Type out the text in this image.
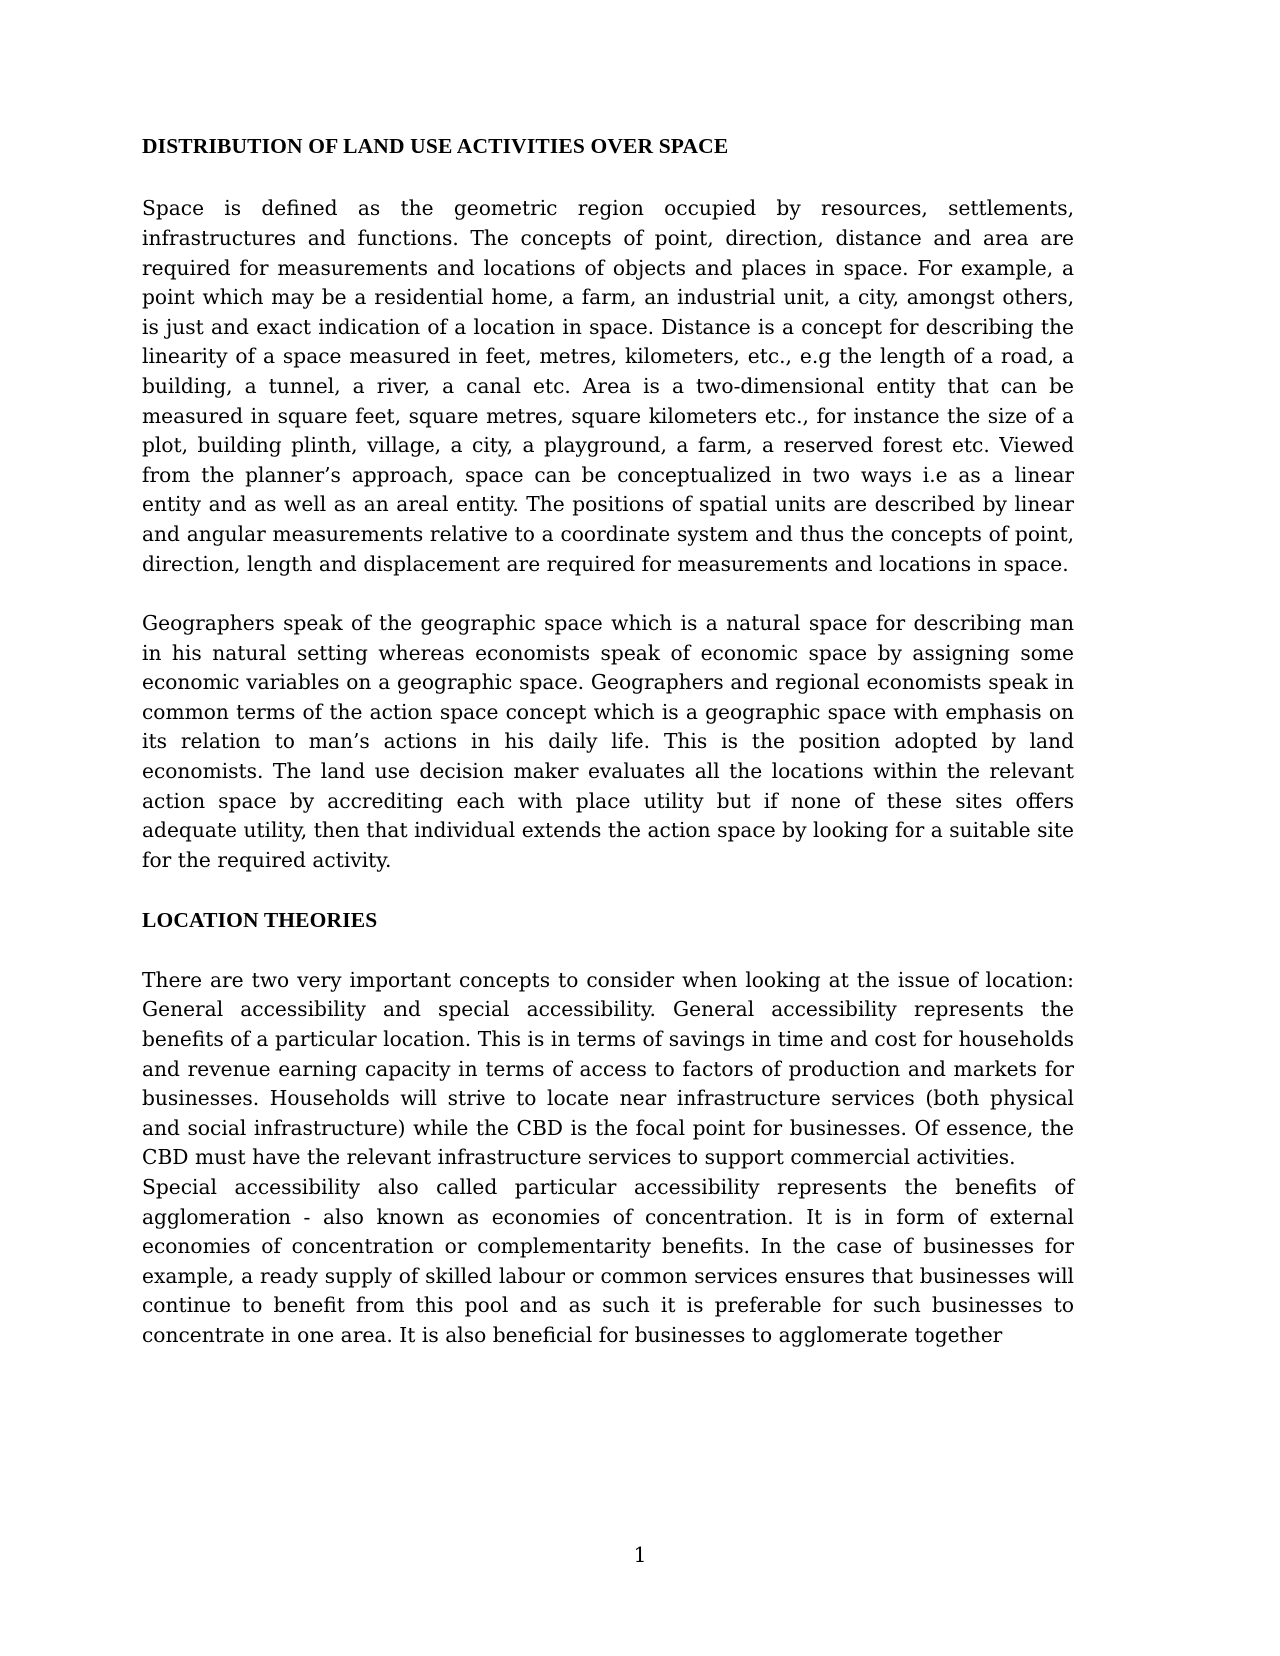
DISTRIBUTION OF LAND USE ACTIVITIES OVER SPACE

Space is defined as the geometric region occupied by resources, settlements, infrastructures and functions. The concepts of point, direction, distance and area are required for measurements and locations of objects and places in space. For example, a point which may be a residential home, a farm, an industrial unit, a city, amongst others, is just and exact indication of a location in space. Distance is a concept for describing the linearity of a space measured in feet, metres, kilometers, etc., e.g the length of a road, a building, a tunnel, a river, a canal etc. Area is a two-dimensional entity that can be measured in square feet, square metres, square kilometers etc., for instance the size of a plot, building plinth, village, a city, a playground, a farm, a reserved forest etc. Viewed from the planner’s approach, space can be conceptualized in two ways i.e as a linear entity and as well as an areal entity. The positions of spatial units are described by linear and angular measurements relative to a coordinate system and thus the concepts of point, direction, length and displacement are required for measurements and locations in space.

Geographers speak of the geographic space which is a natural space for describing man in his natural setting whereas economists speak of economic space by assigning some economic variables on a geographic space. Geographers and regional economists speak in common terms of the action space concept which is a geographic space with emphasis on its relation to man’s actions in his daily life. This is the position adopted by land economists. The land use decision maker evaluates all the locations within the relevant action space by accrediting each with place utility but if none of these sites offers adequate utility, then that individual extends the action space by looking for a suitable site for the required activity.

LOCATION THEORIES

There are two very important concepts to consider when looking at the issue of location: General accessibility and special accessibility. General accessibility represents the benefits of a particular location. This is in terms of savings in time and cost for households and revenue earning capacity in terms of access to factors of production and markets for businesses. Households will strive to locate near infrastructure services (both physical and social infrastructure) while the CBD is the focal point for businesses. Of essence, the CBD must have the relevant infrastructure services to support commercial activities.

Special accessibility also called particular accessibility represents the benefits of agglomeration - also known as economies of concentration. It is in form of external economies of concentration or complementarity benefits. In the case of businesses for example, a ready supply of skilled labour or common services ensures that businesses will continue to benefit from this pool and as such it is preferable for such businesses to concentrate in one area. It is also beneficial for businesses to agglomerate together

1
